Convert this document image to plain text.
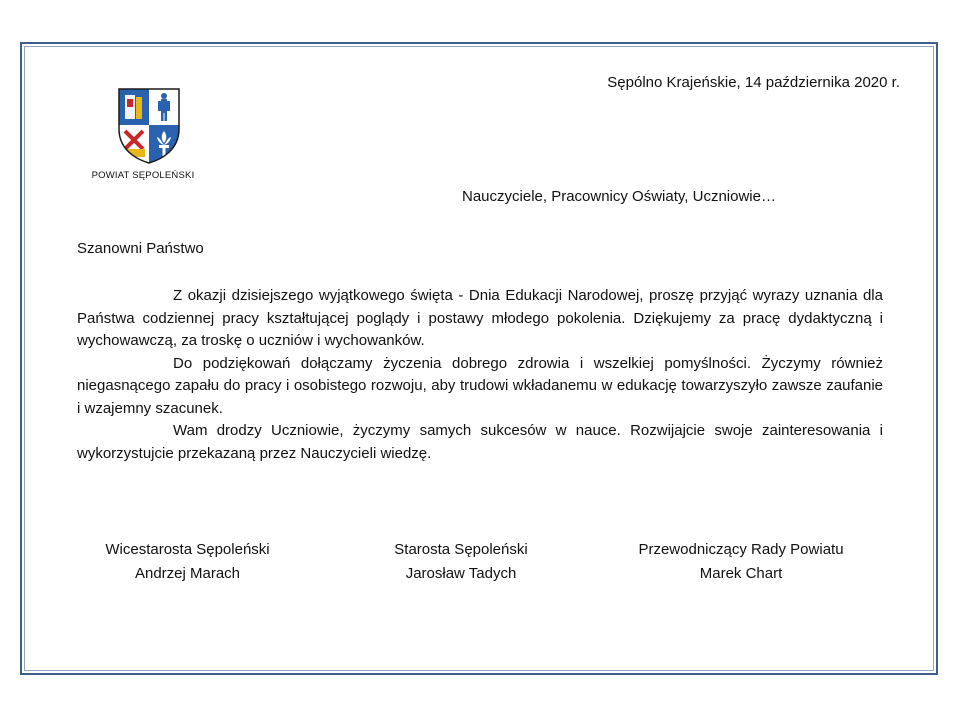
POWIAT SĘPOLEŃSKI
Sępólno Krajeńskie, 14 października 2020 r.
Nauczyciele, Pracownicy Oświaty, Uczniowie…
Szanowni Państwo

Z okazji dzisiejszego wyjątkowego święta - Dnia Edukacji Narodowej, proszę przyjąć wyrazy uznania dla Państwa codziennej pracy kształtującej poglądy i postawy młodego pokolenia. Dziękujemy za pracę dydaktyczną i wychowawczą, za troskę o uczniów i wychowanków.

Do podziękowań dołączamy życzenia dobrego zdrowia i wszelkiej pomyślności. Życzymy również niegasnącego zapału do pracy i osobistego rozwoju, aby trudowi wkładanemu w edukację towarzyszyło zawsze zaufanie i wzajemny szacunek.

Wam drodzy Uczniowie, życzymy samych sukcesów w nauce. Rozwijajcie swoje zainteresowania i wykorzystujcie przekazaną przez Nauczycieli wiedzę.

Wicestarosta Sępoleński
Andrzej Marach
Starosta Sępoleński
Jarosław Tadych
Przewodniczący Rady Powiatu
Marek Chart
